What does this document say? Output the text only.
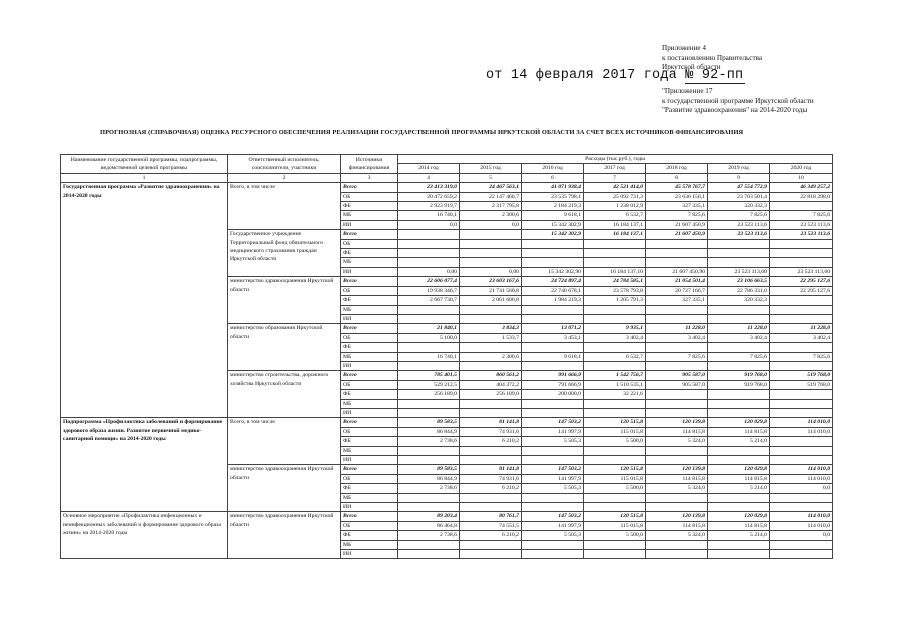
Приложение 4
к постановлению Правительства
Иркутской области
от 14 февраля 2017 года № 92-пп
"Приложение 17
к государственной программе Иркутской области
"Развитие здравоохранения" на 2014-2020 годы
ПРОГНОЗНАЯ (СПРАВОЧНАЯ) ОЦЕНКА РЕСУРСНОГО ОБЕСПЕЧЕНИЯ РЕАЛИЗАЦИИ ГОСУДАРСТВЕННОЙ ПРОГРАММЫ ИРКУТСКОЙ ОБЛАСТИ ЗА СЧЕТ ВСЕХ ИСТОЧНИКОВ ФИНАНСИРОВАНИЯ
Наименование государственной программы, подпрограммы, ведомственной целевой программы	Ответственный исполнитель, соисполнители, участники	Источники финансирования	Расходы (тыс.руб.), годы						
			2014 год	2015 год	2016 год	2017 год	2018 год	2019 год	2020 год
1	2	3	4	5	6	7	8	9	10
Государственная программа «Развитие здравоохранения» на 2014-2020 годы	Всего, в том числе	Всего	23 413 319,0	24 467 563,1	41 071 938,4	42 521 414,0	45 578 767,7	47 554 772,9	46 349 257,2
		ОБ	20 472 659,2	22 147 466,7	23 535 798,1	25 092 731,3	23 636 156,1	23 703 501,4	22 818 298,0
		ФБ	2 923 919,7	2 317 795,8	2 184 219,3	1 238 012,9	327 335,1	320 332,3	
		МБ	16 740,1	2 300,6	9 618,1	6 532,7	7 825,6	7 825,6	7 825,6
		ИИ	0,0	0,0	15 342 302,9	16 184 137,1	21 607 450,9	23 523 113,6	23 523 113,6
	Государственное учреждение Территориальный фонд обязательного медицинского страхования граждан Иркутской области	Всего			15 342 302,9	16 184 137,1	21 607 450,9	23 523 113,6	23 523 113,6
		ОБ							
		ФБ							
		МБ							
		ИИ	0,00	0,00	15 342 302,90	16 184 137,10	21 607 450,90	23 523 113,60	23 523 113,60
	министерство здравоохранения Иркутской области	Всего	22 606 077,4	23 603 167,6	24 724 897,4	24 784 585,1	21 054 501,4	23 106 663,5	22 295 127,6
		ОБ	19 938 346,7	21 741 560,8	22 740 678,1	23 578 793,8	20 727 166,7	22 786 331,0	22 295 127,6
		ФБ	2 667 730,7	2 061 606,8	1 984 219,3	1 205 791,3	327 335,1	320 332,3	
		МБ							
		ИИ							
	министерство образования Иркутской области	Всего	21 840,1	3 834,3	13 071,2	9 935,1	11 228,0	11 228,0	11 228,0
		ОБ	5 100,0	1 533,7	3 453,1	3 402,4	3 402,4	3 402,4	3 402,4
		ФБ							
		МБ	16 740,1	2 300,6	9 618,1	6 532,7	7 825,6	7 825,6	7 825,6
		ИИ							
	министерство строительства, дорожного хозяйства Иркутской области	Всего	785 401,5	860 561,2	991 666,9	1 542 756,7	905 587,0	919 768,0	519 768,0
		ОБ	529 212,5	404 372,2	791 666,9	1 510 535,1	905 587,0	919 768,0	519 768,0
		ФБ	256 189,0	256 189,0	200 000,0	32 221,6			
		МБ							
		ИИ							
Подпрограмма «Профилактика заболеваний и формирование здорового образа жизни. Развитие первичной медико-санитарной помощи» на 2014-2020 годы	Всего, в том числе	Всего	89 583,5	81 141,8	147 503,2	120 515,8	120 139,8	120 029,8	114 010,0
		ОБ	86 844,9	74 931,6	141 997,9	115 015,8	114 815,8	114 815,8	114 010,0
		ФБ	2 738,6	6 210,2	5 505,3	5 500,0	5 324,0	5 214,0	
		МБ							
		ИИ							
	министерство здравоохранения Иркутской области	Всего	89 583,5	81 141,8	147 503,2	120 515,8	120 139,8	120 029,8	114 010,0
		ОБ	86 844,9	74 931,6	141 997,9	115 015,8	114 815,8	114 815,8	114 010,0
		ФБ	2 738,6	6 210,2	5 505,3	5 500,0	5 324,0	5 214,0	0,0
		МБ							
		ИИ							
Основное мероприятие «Профилактика инфекционных и неинфекционных заболеваний и формирование здорового образа жизни» на 2014-2020 годы	министерство здравоохранения Иркутской области	Всего	89 203,4	80 761,7	147 503,2	120 515,8	120 139,8	120 029,8	114 010,0
		ОБ	86 464,8	74 551,5	141 997,9	115 015,8	114 815,8	114 815,8	114 010,0
		ФБ	2 738,6	6 210,2	5 505,3	5 500,0	5 324,0	5 214,0	0,0
		МБ							
		ИИ							
